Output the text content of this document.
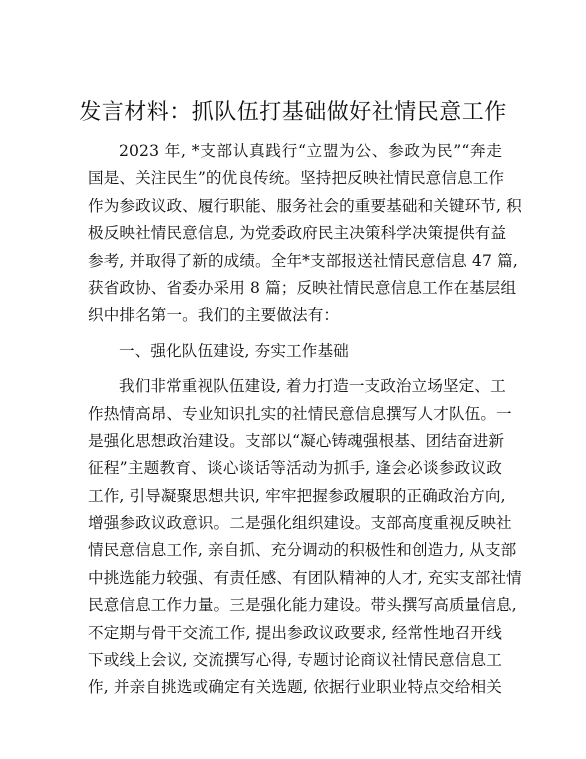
发言材料：抓队伍打基础做好社情民意工作
2023 年, *支部认真践行“立盟为公、参政为民”“奔走
国是、关注民生”的优良传统。坚持把反映社情民意信息工作
作为参政议政、履行职能、服务社会的重要基础和关键环节, 积
极反映社情民意信息, 为党委政府民主决策科学决策提供有益
参考, 并取得了新的成绩。全年*支部报送社情民意信息 47 篇,
获省政协、省委办采用 8 篇；反映社情民意信息工作在基层组
织中排名第一。我们的主要做法有：
一、强化队伍建设, 夯实工作基础
我们非常重视队伍建设, 着力打造一支政治立场坚定、工
作热情高昂、专业知识扎实的社情民意信息撰写人才队伍。一
是强化思想政治建设。支部以“凝心铸魂强根基、团结奋进新
征程”主题教育、谈心谈话等活动为抓手, 逢会必谈参政议政
工作, 引导凝聚思想共识, 牢牢把握参政履职的正确政治方向,
增强参政议政意识。二是强化组织建设。支部高度重视反映社
情民意信息工作, 亲自抓、充分调动的积极性和创造力, 从支部
中挑选能力较强、有责任感、有团队精神的人才, 充实支部社情
民意信息工作力量。三是强化能力建设。带头撰写高质量信息,
不定期与骨干交流工作, 提出参政议政要求, 经常性地召开线
下或线上会议, 交流撰写心得, 专题讨论商议社情民意信息工
作, 并亲自挑选或确定有关选题, 依据行业职业特点交给相关
